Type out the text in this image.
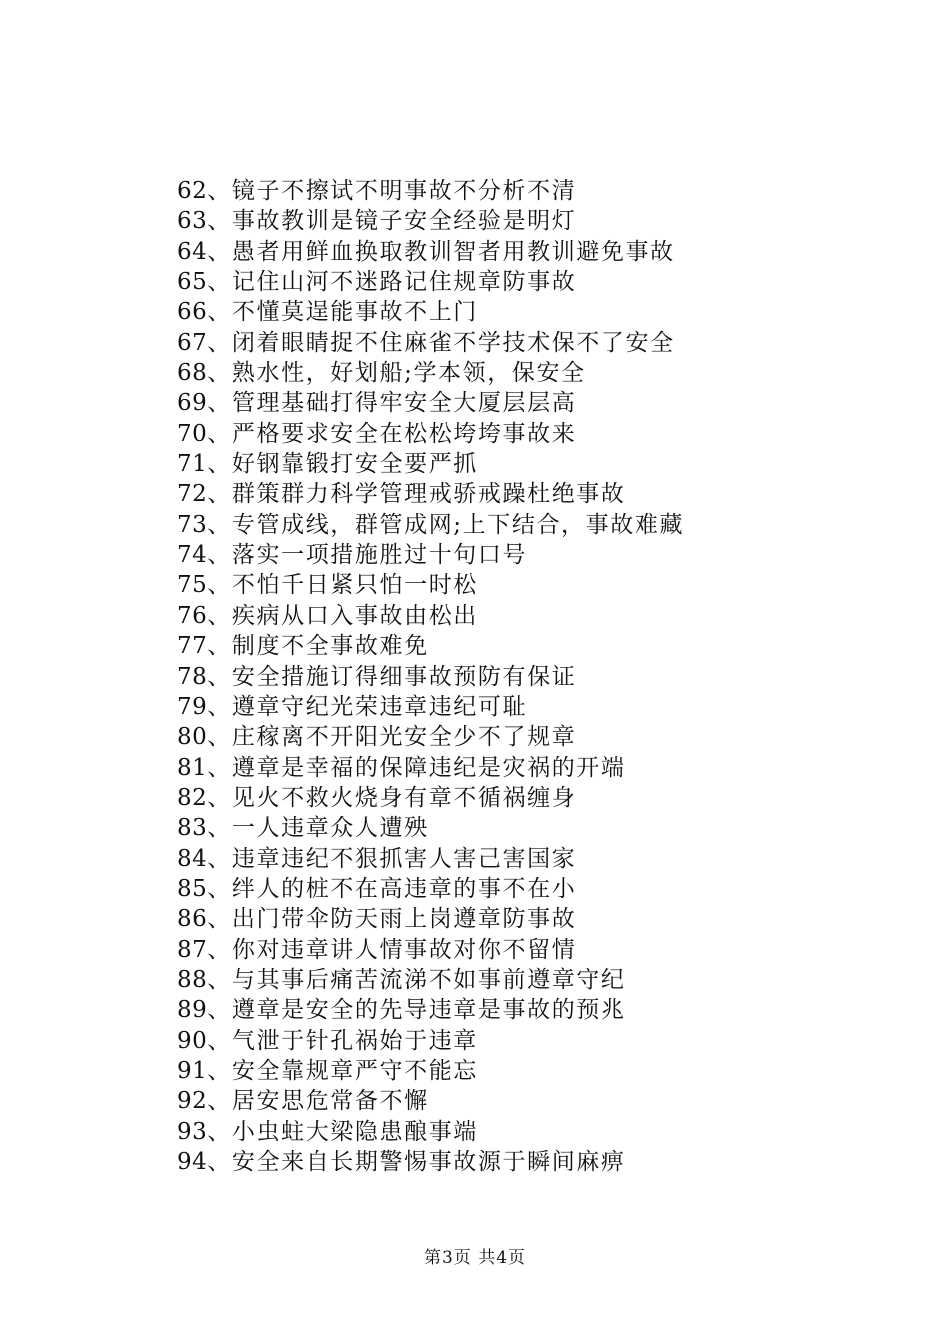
62、镜子不擦试不明事故不分析不清
63、事故教训是镜子安全经验是明灯
64、愚者用鲜血换取教训智者用教训避免事故
65、记住山河不迷路记住规章防事故
66、不懂莫逞能事故不上门
67、闭着眼睛捉不住麻雀不学技术保不了安全
68、熟水性，好划船;学本领，保安全
69、管理基础打得牢安全大厦层层高
70、严格要求安全在松松垮垮事故来
71、好钢靠锻打安全要严抓
72、群策群力科学管理戒骄戒躁杜绝事故
73、专管成线，群管成网;上下结合，事故难藏
74、落实一项措施胜过十句口号
75、不怕千日紧只怕一时松
76、疾病从口入事故由松出
77、制度不全事故难免
78、安全措施订得细事故预防有保证
79、遵章守纪光荣违章违纪可耻
80、庄稼离不开阳光安全少不了规章
81、遵章是幸福的保障违纪是灾祸的开端
82、见火不救火烧身有章不循祸缠身
83、一人违章众人遭殃
84、违章违纪不狠抓害人害己害国家
85、绊人的桩不在高违章的事不在小
86、出门带伞防天雨上岗遵章防事故
87、你对违章讲人情事故对你不留情
88、与其事后痛苦流涕不如事前遵章守纪
89、遵章是安全的先导违章是事故的预兆
90、气泄于针孔祸始于违章
91、安全靠规章严守不能忘
92、居安思危常备不懈
93、小虫蛀大梁隐患酿事端
94、安全来自长期警惕事故源于瞬间麻痹
第3页 共4页
